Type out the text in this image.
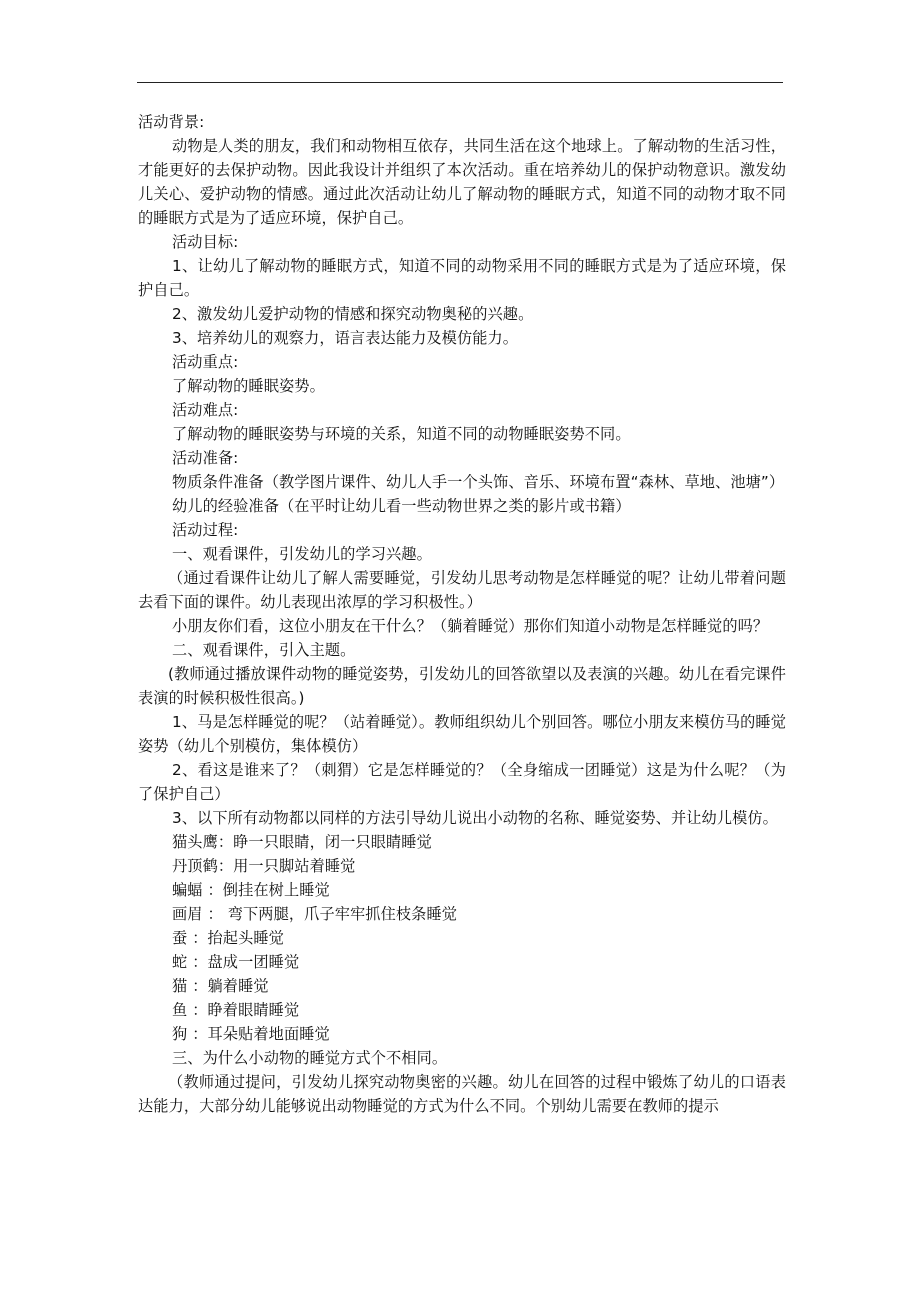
活动背景:

动物是人类的朋友，我们和动物相互依存，共同生活在这个地球上。了解动物的生活习性，才能更好的去保护动物。因此我设计并组织了本次活动。重在培养幼儿的保护动物意识。激发幼儿关心、爱护动物的情感。通过此次活动让幼儿了解动物的睡眠方式，知道不同的动物才取不同的睡眠方式是为了适应环境，保护自己。

活动目标:

1、让幼儿了解动物的睡眠方式，知道不同的动物采用不同的睡眠方式是为了适应环境，保护自己。

2、激发幼儿爱护动物的情感和探究动物奥秘的兴趣。

3、培养幼儿的观察力，语言表达能力及模仿能力。

活动重点:

了解动物的睡眠姿势。

活动难点:

了解动物的睡眠姿势与环境的关系，知道不同的动物睡眠姿势不同。

活动准备:

物质条件准备（教学图片课件、幼儿人手一个头饰、音乐、环境布置“森林、草地、池塘”）

幼儿的经验准备（在平时让幼儿看一些动物世界之类的影片或书籍）

活动过程:

一、观看课件，引发幼儿的学习兴趣。

（通过看课件让幼儿了解人需要睡觉，引发幼儿思考动物是怎样睡觉的呢？让幼儿带着问题去看下面的课件。幼儿表现出浓厚的学习积极性。）

小朋友你们看，这位小朋友在干什么？（躺着睡觉）那你们知道小动物是怎样睡觉的吗？

二、观看课件，引入主题。

(教师通过播放课件动物的睡觉姿势，引发幼儿的回答欲望以及表演的兴趣。幼儿在看完课件表演的时候积极性很高。)

1、马是怎样睡觉的呢？（站着睡觉）。教师组织幼儿个别回答。哪位小朋友来模仿马的睡觉姿势（幼儿个别模仿，集体模仿）

2、看这是谁来了？（刺猬）它是怎样睡觉的？（全身缩成一团睡觉）这是为什么呢？（为了保护自己）

3、以下所有动物都以同样的方法引导幼儿说出小动物的名称、睡觉姿势、并让幼儿模仿。

猫头鹰：睁一只眼睛，闭一只眼睛睡觉

丹顶鹤：用一只脚站着睡觉

蝙蝠 ：倒挂在树上睡觉

画眉 ： 弯下两腿，爪子牢牢抓住枝条睡觉

蚕 ：抬起头睡觉

蛇 ：盘成一团睡觉

猫 ：躺着睡觉

鱼 ：睁着眼睛睡觉

狗 ：耳朵贴着地面睡觉

三、为什么小动物的睡觉方式个不相同。

（教师通过提问，引发幼儿探究动物奥密的兴趣。幼儿在回答的过程中锻炼了幼儿的口语表达能力，大部分幼儿能够说出动物睡觉的方式为什么不同。个别幼儿需要在教师的提示
